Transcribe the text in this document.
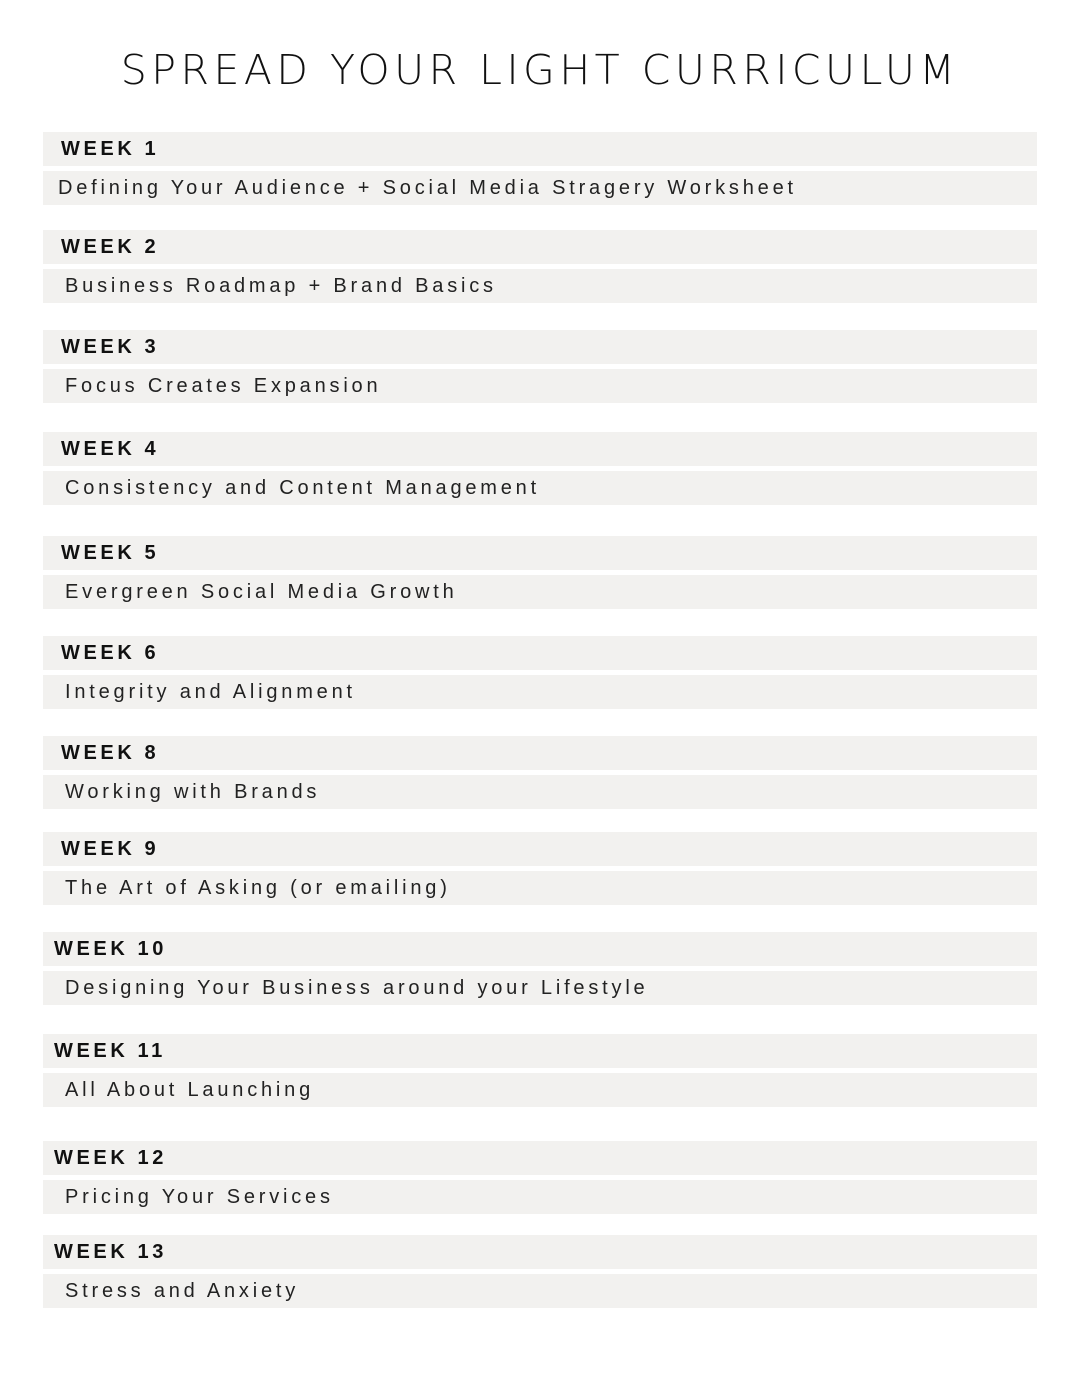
SPREAD YOUR LIGHT CURRICULUM
WEEK 1
Defining Your Audience + Social Media Stragery Worksheet
WEEK 2
Business Roadmap + Brand Basics
WEEK 3
Focus Creates Expansion
WEEK 4
Consistency and Content Management
WEEK 5
Evergreen Social Media Growth
WEEK 6
Integrity and Alignment
WEEK 8
Working with Brands
WEEK 9
The Art of Asking (or emailing)
WEEK 10
Designing Your Business around your Lifestyle
WEEK 11
All About Launching
WEEK 12
Pricing Your Services
WEEK 13
Stress and Anxiety
